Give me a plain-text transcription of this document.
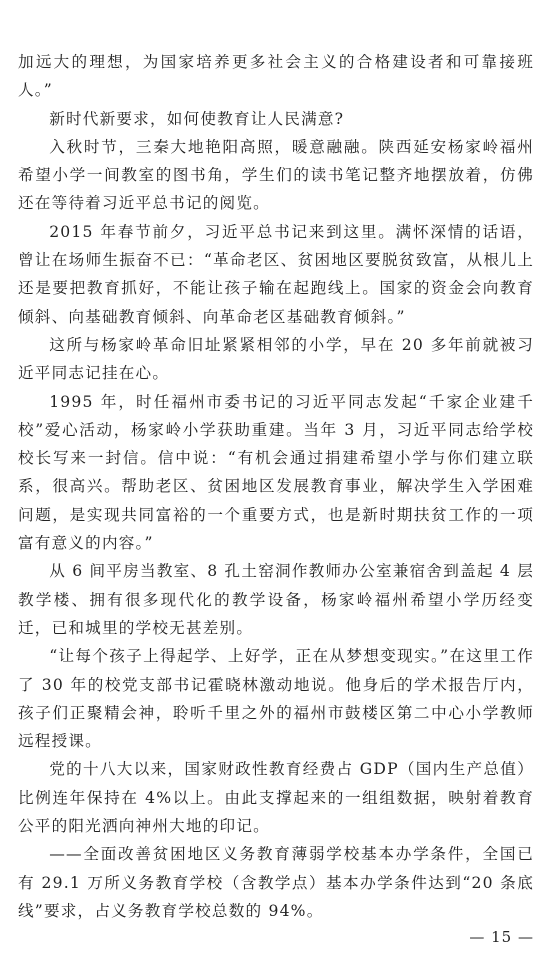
加远大的理想，为国家培养更多社会主义的合格建设者和可靠接班人。”

新时代新要求，如何使教育让人民满意?

入秋时节，三秦大地艳阳高照，暖意融融。陕西延安杨家岭福州希望小学一间教室的图书角，学生们的读书笔记整齐地摆放着，仿佛还在等待着习近平总书记的阅览。

2015 年春节前夕，习近平总书记来到这里。满怀深情的话语，曾让在场师生振奋不已：“革命老区、贫困地区要脱贫致富，从根儿上还是要把教育抓好，不能让孩子输在起跑线上。国家的资金会向教育倾斜、向基础教育倾斜、向革命老区基础教育倾斜。”

这所与杨家岭革命旧址紧紧相邻的小学，早在 20 多年前就被习近平同志记挂在心。

1995 年，时任福州市委书记的习近平同志发起“千家企业建千校”爱心活动，杨家岭小学获助重建。当年 3 月，习近平同志给学校校长写来一封信。信中说：“有机会通过捐建希望小学与你们建立联系，很高兴。帮助老区、贫困地区发展教育事业，解决学生入学困难问题，是实现共同富裕的一个重要方式，也是新时期扶贫工作的一项富有意义的内容。”

从 6 间平房当教室、8 孔土窑洞作教师办公室兼宿舍到盖起 4 层教学楼、拥有很多现代化的教学设备，杨家岭福州希望小学历经变迁，已和城里的学校无甚差别。

“让每个孩子上得起学、上好学，正在从梦想变现实。”在这里工作了 30 年的校党支部书记霍晓林激动地说。他身后的学术报告厅内，孩子们正聚精会神，聆听千里之外的福州市鼓楼区第二中心小学教师远程授课。

党的十八大以来，国家财政性教育经费占 GDP（国内生产总值）比例连年保持在 4%以上。由此支撑起来的一组组数据，映射着教育公平的阳光洒向神州大地的印记。

——全面改善贫困地区义务教育薄弱学校基本办学条件，全国已有 29.1 万所义务教育学校（含教学点）基本办学条件达到“20 条底线”要求，占义务教育学校总数的 94%。

— 15 —
